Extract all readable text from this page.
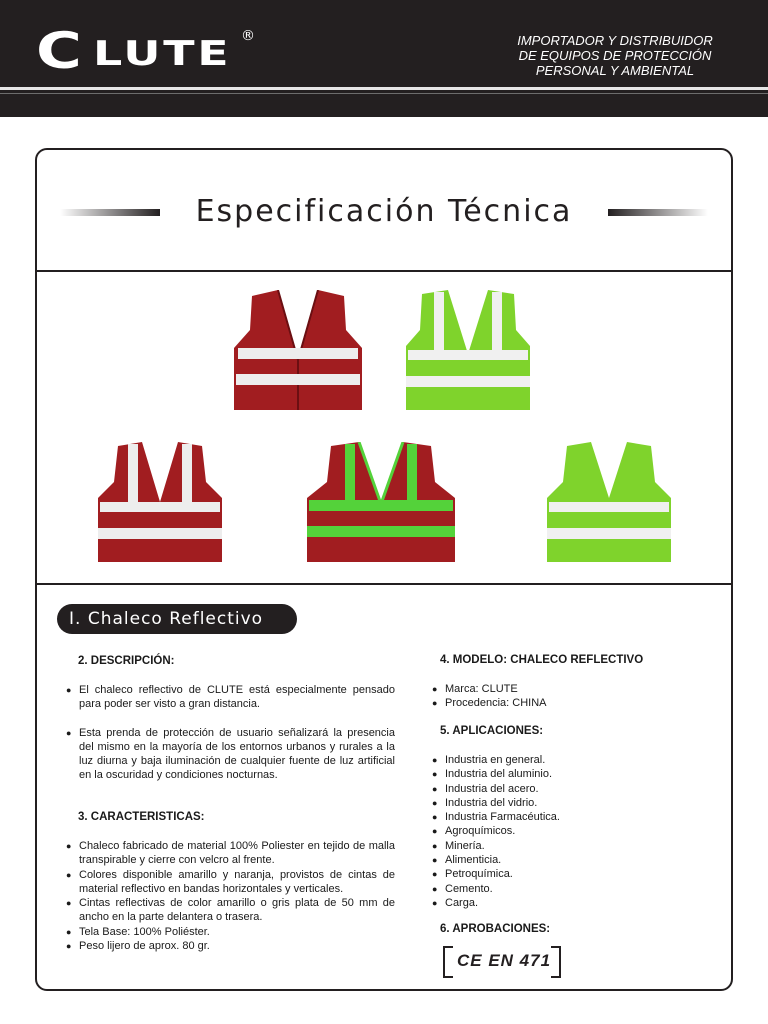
C LUTE ®	IMPORTADOR Y DISTRIBUIDOR
DE EQUIPOS DE PROTECCIÓN
PERSONAL Y AMBIENTAL
Especificación Técnica
I. Chaleco Reflectivo
2. DESCRIPCIÓN:
● El chaleco reflectivo de CLUTE está especialmente pensado para poder ser visto a gran distancia.
● Esta prenda de protección de usuario señalizará la presencia del mismo en la mayoría de los entornos urbanos y rurales a la luz diurna y baja iluminación de cualquier fuente de luz artificial en la oscuridad y condiciones nocturnas.
3. CARACTERISTICAS:
● Chaleco fabricado de material 100% Poliester en tejido de malla transpirable y cierre con velcro al frente.
● Colores disponible amarillo y naranja, provistos de cintas de material reflectivo en bandas horizontales y verticales.
● Cintas reflectivas de color amarillo o gris plata de 50 mm de ancho en la parte delantera o trasera.
● Tela Base: 100% Poliéster.
● Peso lijero de aprox. 80 gr.
4. MODELO: CHALECO REFLECTIVO
● Marca: CLUTE
● Procedencia: CHINA
5. APLICACIONES:
● Industria en general.
● Industria del aluminio.
● Industria del acero.
● Industria del vidrio.
● Industria Farmacéutica.
● Agroquímicos.
● Minería.
● Alimenticia.
● Petroquímica.
● Cemento.
● Carga.
6. APROBACIONES:
CE EN 471
